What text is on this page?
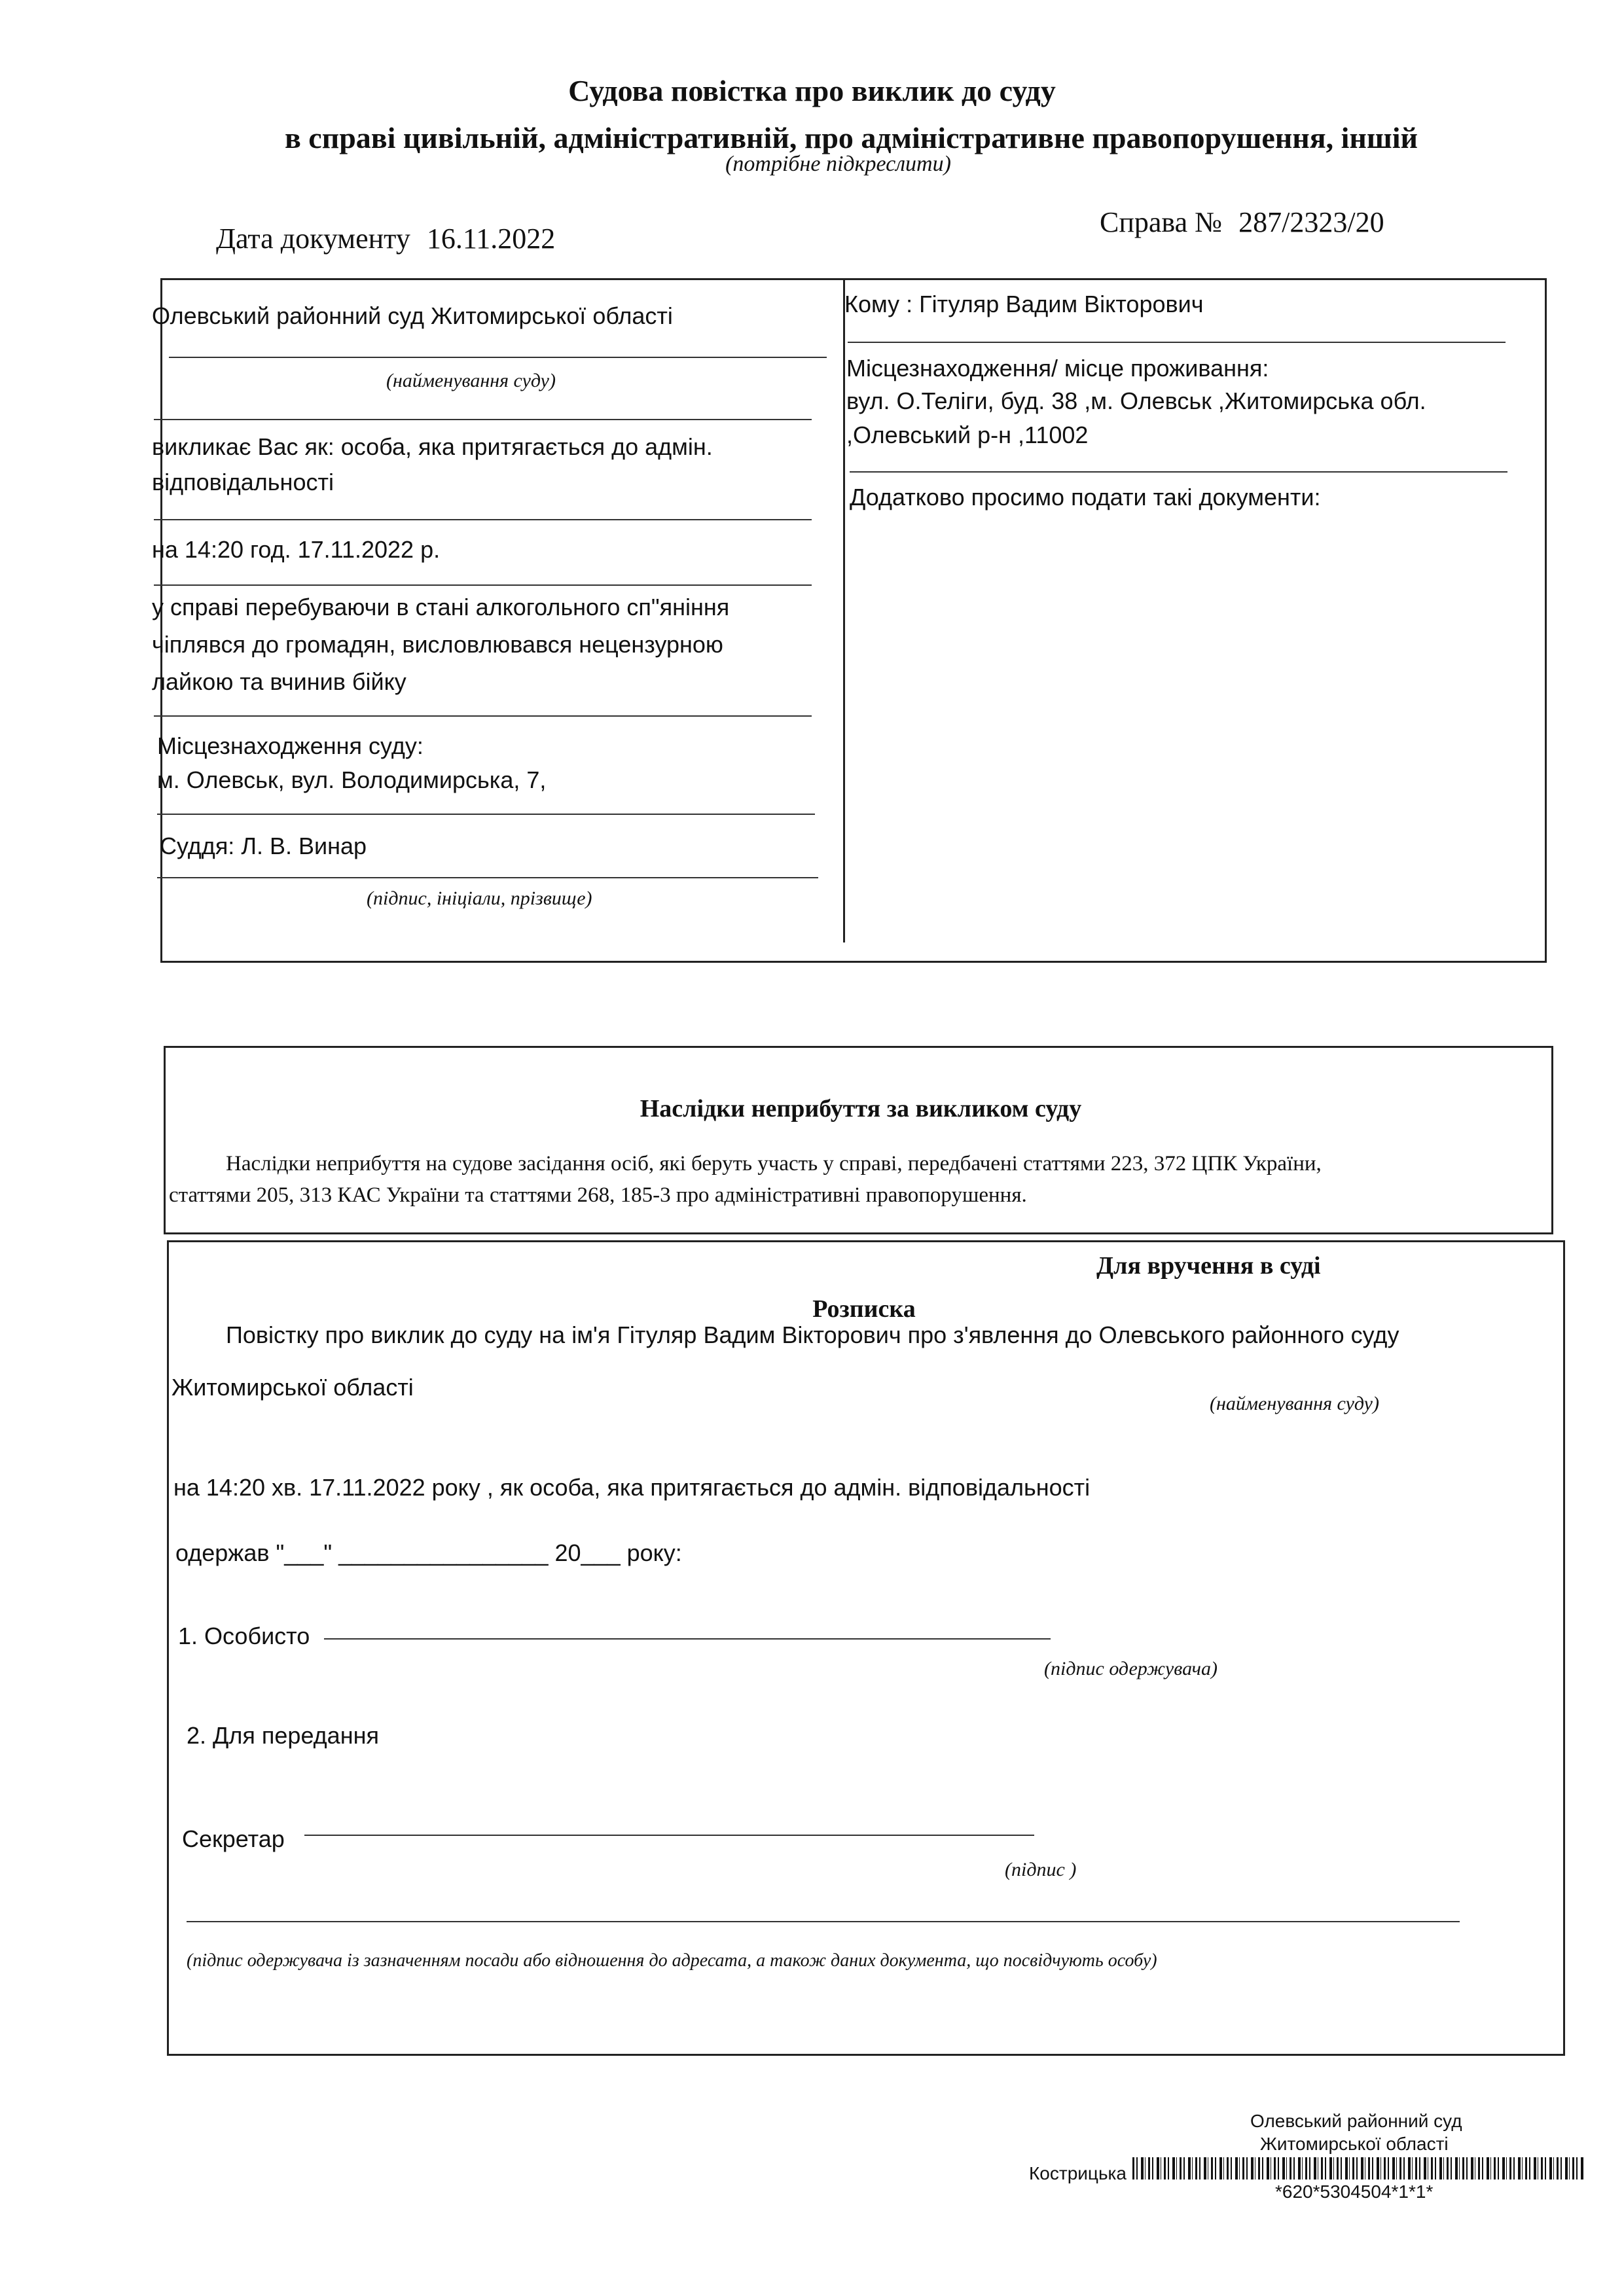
Судова повістка про виклик до суду
в справі цивільній, адміністративній, про адміністративне правопорушення, іншій
(потрібне підкреслити)
Дата документу 16.11.2022
Справа № 287/2323/20
Олевський районний суд Житомирської області
(найменування суду)
викликає Вас як: особа, яка притягається до адмін.
відповідальності
на 14:20 год. 17.11.2022 р.
у справі перебуваючи в стані алкогольного сп"яніння
чіплявся до громадян, висловлювався нецензурною
лайкою та вчинив бійку
Місцезнаходження суду:
м. Олевськ, вул. Володимирська, 7,
Суддя: Л. В. Винар
(підпис, ініціали, прізвище)
Кому : Гітуляр Вадим Вікторович
Місцезнаходження/ місце проживання:
вул. О.Теліги, буд. 38 ,м. Олевськ ,Житомирська обл.
,Олевський р-н ,11002
Додатково просимо подати такі документи:
Наслідки неприбуття за викликом суду
Наслідки неприбуття на судове засідання осіб, які беруть участь у справі, передбачені статтями 223, 372 ЦПК України,
статтями 205, 313 КАС України та статтями 268, 185-3 про адміністративні правопорушення.
Для вручення в суді
Розписка
Повістку про виклик до суду на ім'я Гітуляр Вадим Вікторович про з'явлення до Олевського районного суду
Житомирської області
(найменування суду)
на 14:20 хв. 17.11.2022 року , як особа, яка притягається до адмін. відповідальності
одержав "___" ________________ 20___ року:
1. Особисто
(підпис одержувача)
2. Для передання
Секретар
(підпис )
(підпис одержувача із зазначенням посади або відношення до адресата, а також даних документа, що посвідчують особу)
Олевський районний суд
Житомирської області
Кострицька
*620*5304504*1*1*
